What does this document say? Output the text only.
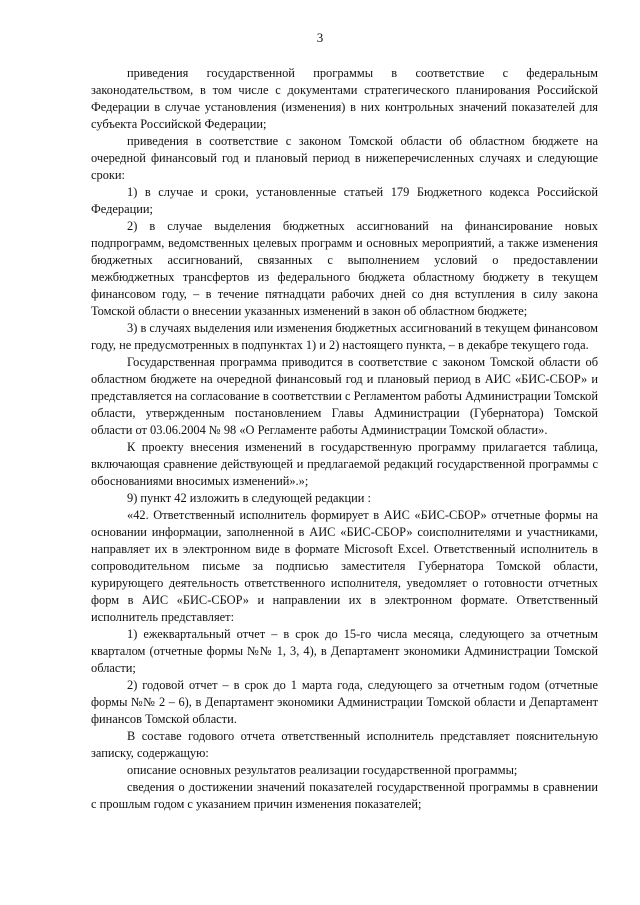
3

приведения государственной программы в соответствие с федеральным законодательством, в том числе с документами стратегического планирования Российской Федерации в случае установления (изменения) в них контрольных значений показателей для субъекта Российской Федерации;

приведения в соответствие с законом Томской области об областном бюджете на очередной финансовый год и плановый период в нижеперечисленных случаях и следующие сроки:

1) в случае и сроки, установленные статьей 179 Бюджетного кодекса Российской Федерации;

2) в случае выделения бюджетных ассигнований на финансирование новых подпрограмм, ведомственных целевых программ и основных мероприятий, а также изменения бюджетных ассигнований, связанных с выполнением условий о предоставлении межбюджетных трансфертов из федерального бюджета областному бюджету в текущем финансовом году, – в течение пятнадцати рабочих дней со дня вступления в силу закона Томской области о внесении указанных изменений в закон об областном бюджете;

3) в случаях выделения или изменения бюджетных ассигнований в текущем финансовом году, не предусмотренных в подпунктах 1) и 2) настоящего пункта, – в декабре текущего года.

Государственная программа приводится в соответствие с законом Томской области об областном бюджете на очередной финансовый год и плановый период в АИС «БИС-СБОР» и представляется на согласование в соответствии с Регламентом работы Администрации Томской области, утвержденным постановлением Главы Администрации (Губернатора) Томской области от 03.06.2004 № 98 «О Регламенте работы Администрации Томской области».

К проекту внесения изменений в государственную программу прилагается таблица, включающая сравнение действующей и предлагаемой редакций государственной программы с обоснованиями вносимых изменений».»;

9) пункт 42 изложить в следующей редакции :

«42. Ответственный исполнитель формирует в АИС «БИС-СБОР» отчетные формы на основании информации, заполненной в АИС «БИС-СБОР» соисполнителями и участниками, направляет их в электронном виде в формате Microsoft Excel. Ответственный исполнитель в сопроводительном письме за подписью заместителя Губернатора Томской области, курирующего деятельность ответственного исполнителя, уведомляет о готовности отчетных форм в АИС «БИС-СБОР» и направлении их в электронном формате. Ответственный исполнитель представляет:

1) ежеквартальный отчет – в срок до 15-го числа месяца, следующего за отчетным кварталом (отчетные формы №№ 1, 3, 4), в Департамент экономики Администрации Томской области;

2) годовой отчет – в срок до 1 марта года, следующего за отчетным годом (отчетные формы №№ 2 – 6), в Департамент экономики Администрации Томской области и Департамент финансов Томской области.

В составе годового отчета ответственный исполнитель представляет пояснительную записку, содержащую:

описание основных результатов реализации государственной программы;

сведения о достижении значений показателей государственной программы в сравнении с прошлым годом с указанием причин изменения показателей;
